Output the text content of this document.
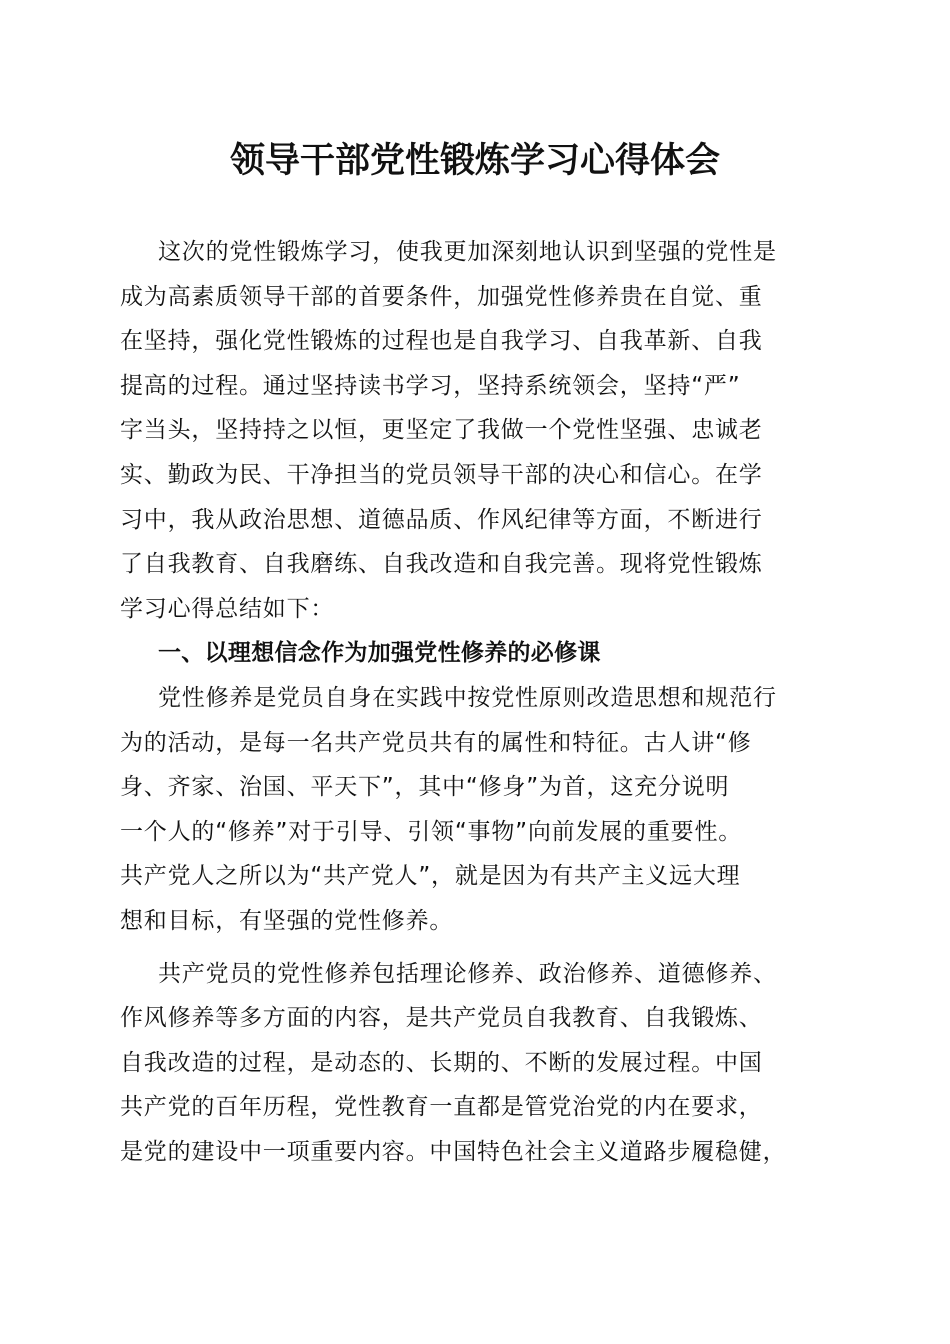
领导干部党性锻炼学习心得体会
这次的党性锻炼学习，使我更加深刻地认识到坚强的党性是
成为高素质领导干部的首要条件，加强党性修养贵在自觉、重
在坚持，强化党性锻炼的过程也是自我学习、自我革新、自我
提高的过程。通过坚持读书学习，坚持系统领会，坚持“严”
字当头，坚持持之以恒，更坚定了我做一个党性坚强、忠诚老
实、勤政为民、干净担当的党员领导干部的决心和信心。在学
习中，我从政治思想、道德品质、作风纪律等方面，不断进行
了自我教育、自我磨练、自我改造和自我完善。现将党性锻炼
学习心得总结如下：
一、以理想信念作为加强党性修养的必修课
党性修养是党员自身在实践中按党性原则改造思想和规范行
为的活动，是每一名共产党员共有的属性和特征。古人讲“修
身、齐家、治国、平天下”，其中“修身”为首，这充分说明
一个人的“修养”对于引导、引领“事物”向前发展的重要性。
共产党人之所以为“共产党人”，就是因为有共产主义远大理
想和目标，有坚强的党性修养。
共产党员的党性修养包括理论修养、政治修养、道德修养、
作风修养等多方面的内容，是共产党员自我教育、自我锻炼、
自我改造的过程，是动态的、长期的、不断的发展过程。中国
共产党的百年历程，党性教育一直都是管党治党的内在要求，
是党的建设中一项重要内容。中国特色社会主义道路步履稳健，
